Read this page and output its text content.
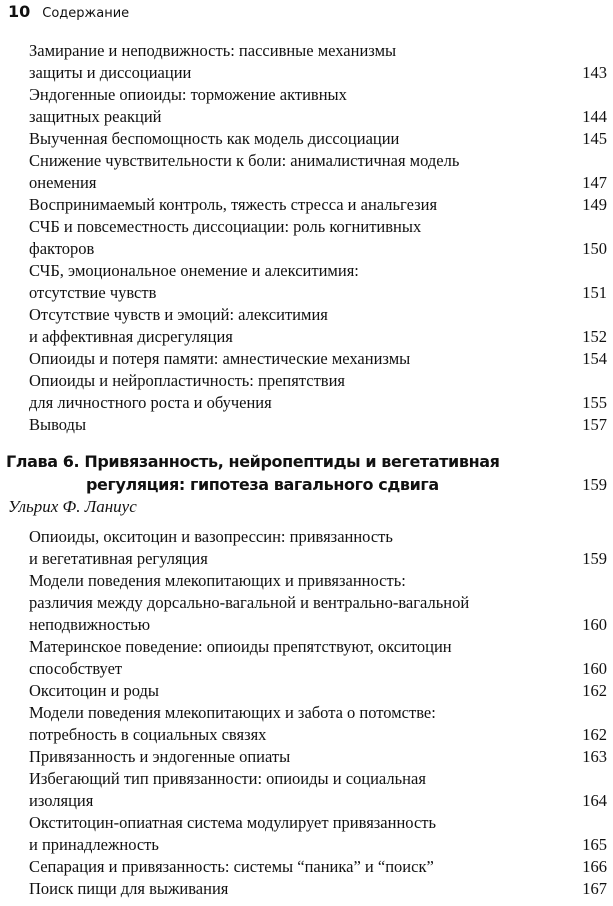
10 Содержание
Замирание и неподвижность: пассивные механизмы
защиты и диссоциации	143
Эндогенные опиоиды: торможение активных
защитных реакций	144
Выученная беспомощность как модель диссоциации	145
Снижение чувствительности к боли: анималистичная модель
онемения	147
Воспринимаемый контроль, тяжесть стресса и анальгезия	149
СЧБ и повсеместность диссоциации: роль когнитивных
факторов	150
СЧБ, эмоциональное онемение и алекситимия:
отсутствие чувств	151
Отсутствие чувств и эмоций: алекситимия
и аффективная дисрегуляция	152
Опиоиды и потеря памяти: амнестические механизмы	154
Опиоиды и нейропластичность: препятствия
для личностного роста и обучения	155
Выводы	157
Глава 6. Привязанность, нейропептиды и вегетативная
регуляция: гипотеза вагального сдвига	159
Ульрих Ф. Ланиус
Опиоиды, окситоцин и вазопрессин: привязанность
и вегетативная регуляция	159
Модели поведения млекопитающих и привязанность:
различия между дорсально-вагальной и вентрально-вагальной
неподвижностью	160
Материнское поведение: опиоиды препятствуют, окситоцин
способствует	160
Окситоцин и роды	162
Модели поведения млекопитающих и забота о потомстве:
потребность в социальных связях	162
Привязанность и эндогенные опиаты	163
Избегающий тип привязанности: опиоиды и социальная
изоляция	164
Окститоцин-опиатная система модулирует привязанность
и принадлежность	165
Сепарация и привязанность: системы “паника” и “поиск”	166
Поиск пищи для выживания	167
